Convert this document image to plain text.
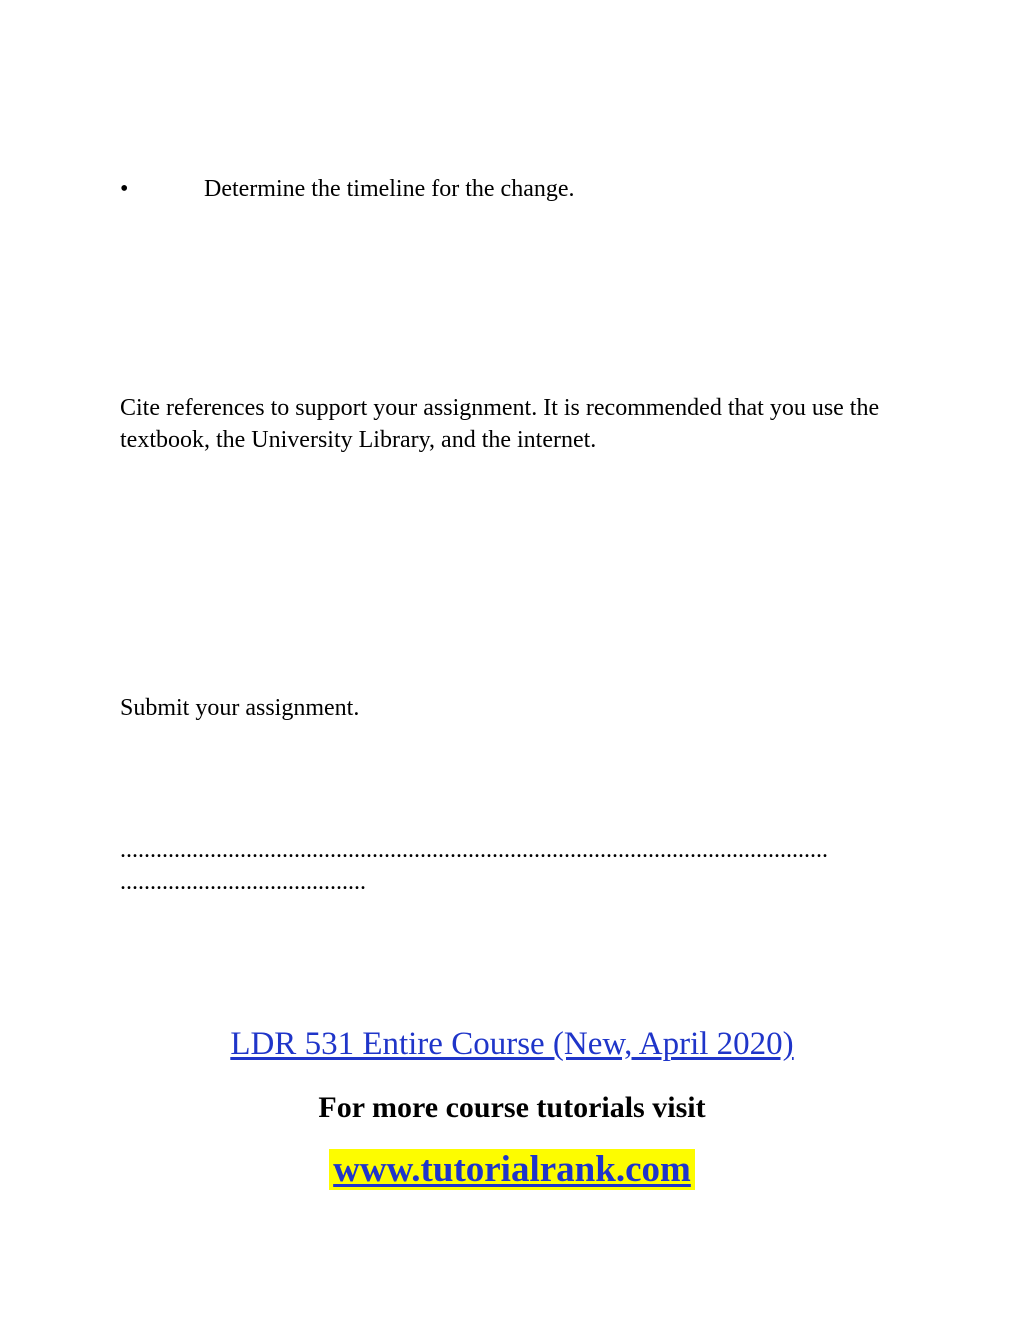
•	Determine the timeline for the change.
Cite references to support your assignment. It is recommended that you use the textbook, the University Library, and the internet.
Submit your assignment.
......................................................................................................................
.........................................
LDR 531 Entire Course (New, April 2020)
For more course tutorials visit
www.tutorialrank.com
